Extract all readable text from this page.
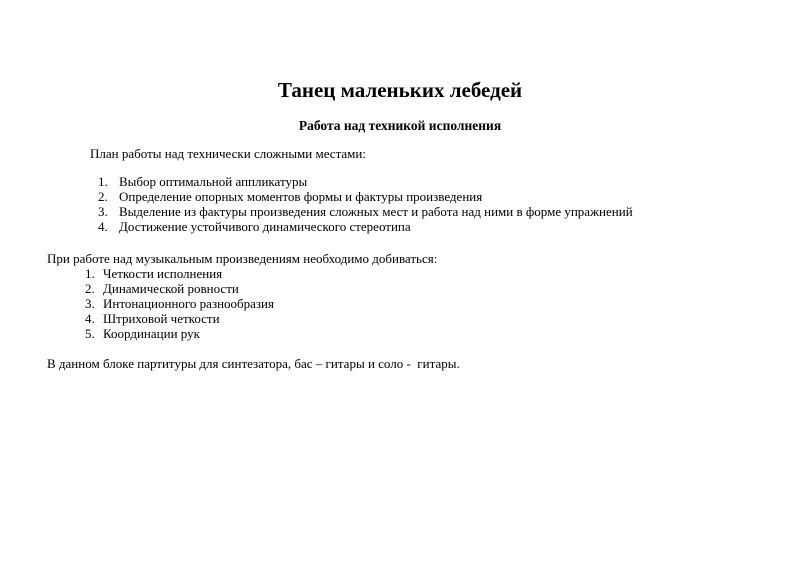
Танец маленьких лебедей
Работа над техникой исполнения

План работы над технически сложными местами:

1. Выбор оптимальной аппликатуры
2. Определение опорных моментов формы и фактуры произведения
3. Выделение из фактуры произведения сложных мест и работа над ними в форме упражнений
4. Достижение устойчивого динамического стереотипа

При работе над музыкальным произведениям необходимо добиваться:

1. Четкости исполнения
2. Динамической ровности
3. Интонационного разнообразия
4. Штриховой четкости
5. Координации рук

В данном блоке партитуры для синтезатора, бас – гитары и соло -  гитары.
